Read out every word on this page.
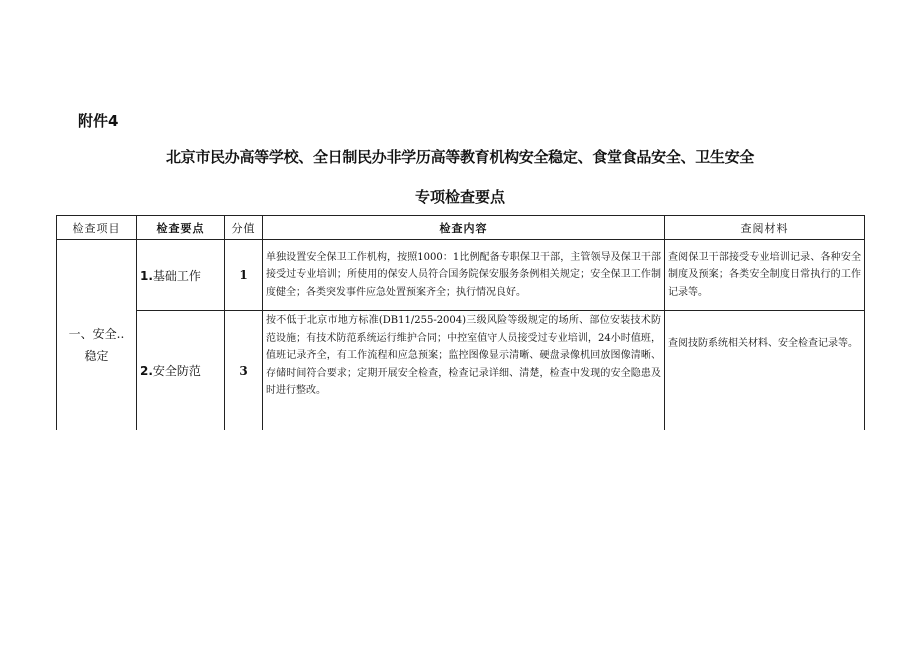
附件4
北京市民办高等学校、全日制民办非学历高等教育机构安全稳定、食堂食品安全、卫生安全
专项检查要点
检查项目	检查要点	分值	检查内容	查阅材料

一、安全..
稳定	1.基础工作	1	单独设置安全保卫工作机构，按照1000：1比例配备专职保卫干部，主管领导及保卫干部接受过专业培训；所使用的保安人员符合国务院保安服务条例相关规定；安全保卫工作制度健全；各类突发事件应急处置预案齐全；执行情况良好。	查阅保卫干部接受专业培训记录、各种安全制度及预案；各类安全制度日常执行的工作记录等。
	2.安全防范	3	按不低于北京市地方标准(DB11/255-2004)三级风险等级规定的场所、部位安装技术防范设施；有技术防范系统运行维护合同；中控室值守人员接受过专业培训，24小时值班，值班记录齐全，有工作流程和应急预案；监控图像显示清晰、硬盘录像机回放图像清晰、存储时间符合要求；定期开展安全检查，检查记录详细、清楚，检查中发现的安全隐患及时进行整改。	查阅技防系统相关材料、安全检查记录等。
